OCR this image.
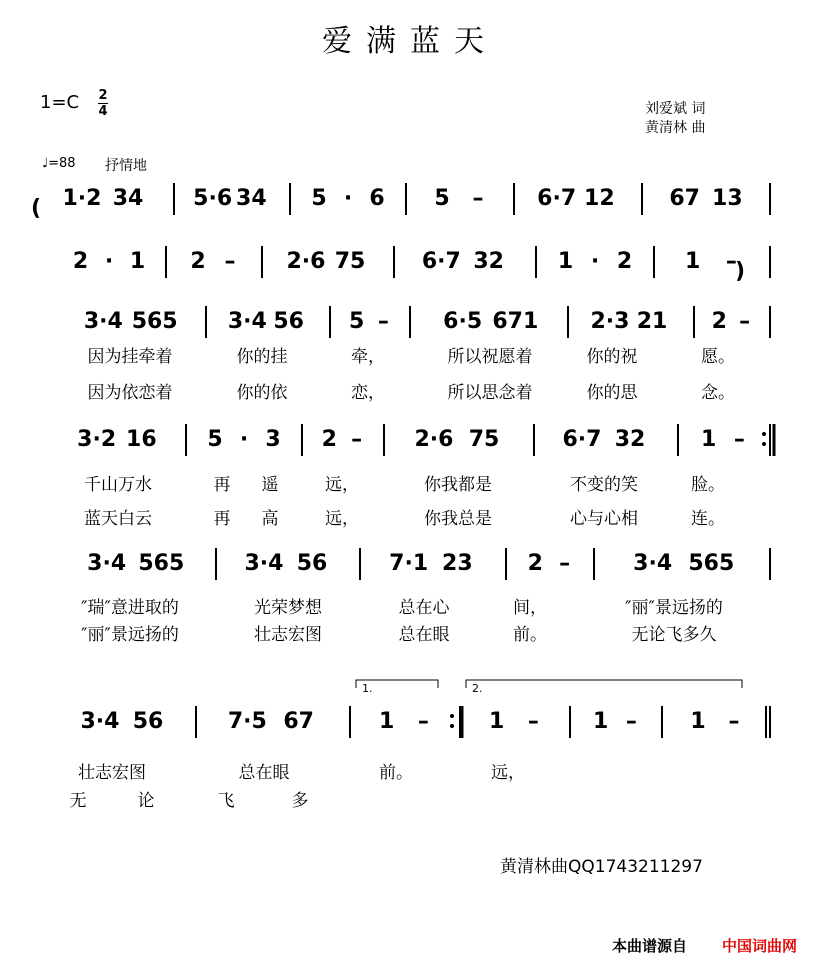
爱满蓝天
1=C 2
4	刘爱斌 词
黄清林 曲
♩=88 抒情地
1·2 34 5·6 34 5 · 6 5 – 6·7 12 67 13
2 · 1 2 – 2·6 75	6·7 32 1 · 2 1 –
3·4 565 3·4 56 5 – 6·5 671 2·3 21 2 –
3·2 16 5 · 3 2 – 2·6 75	6·7 32	1 –
3·4 565	3·4 56	7·1 23	2 –	3·4 565
3·4 56	7·5 67	1 –	1 – 1 – 1 –
(
)
1.	2.
因为挂牵着	你的挂	牵，	所以祝愿着	你的祝	愿。
因为依恋着	你的依	恋，	所以思念着	你的思	念。
千山万水	再 遥	远，	你我都是	不变的笑	脸。
蓝天白云	再 高	远，	你我总是	心与心相	连。
″瑞″意进取的	光荣梦想	总在心	间，	″丽″景远扬的
″丽″景远扬的	壮志宏图	总在眼	前。	无论飞多久
壮志宏图	总在眼	前。	远，
无	论	飞	多
黄清林曲QQ1743211297
本曲谱源自 中国词曲网
